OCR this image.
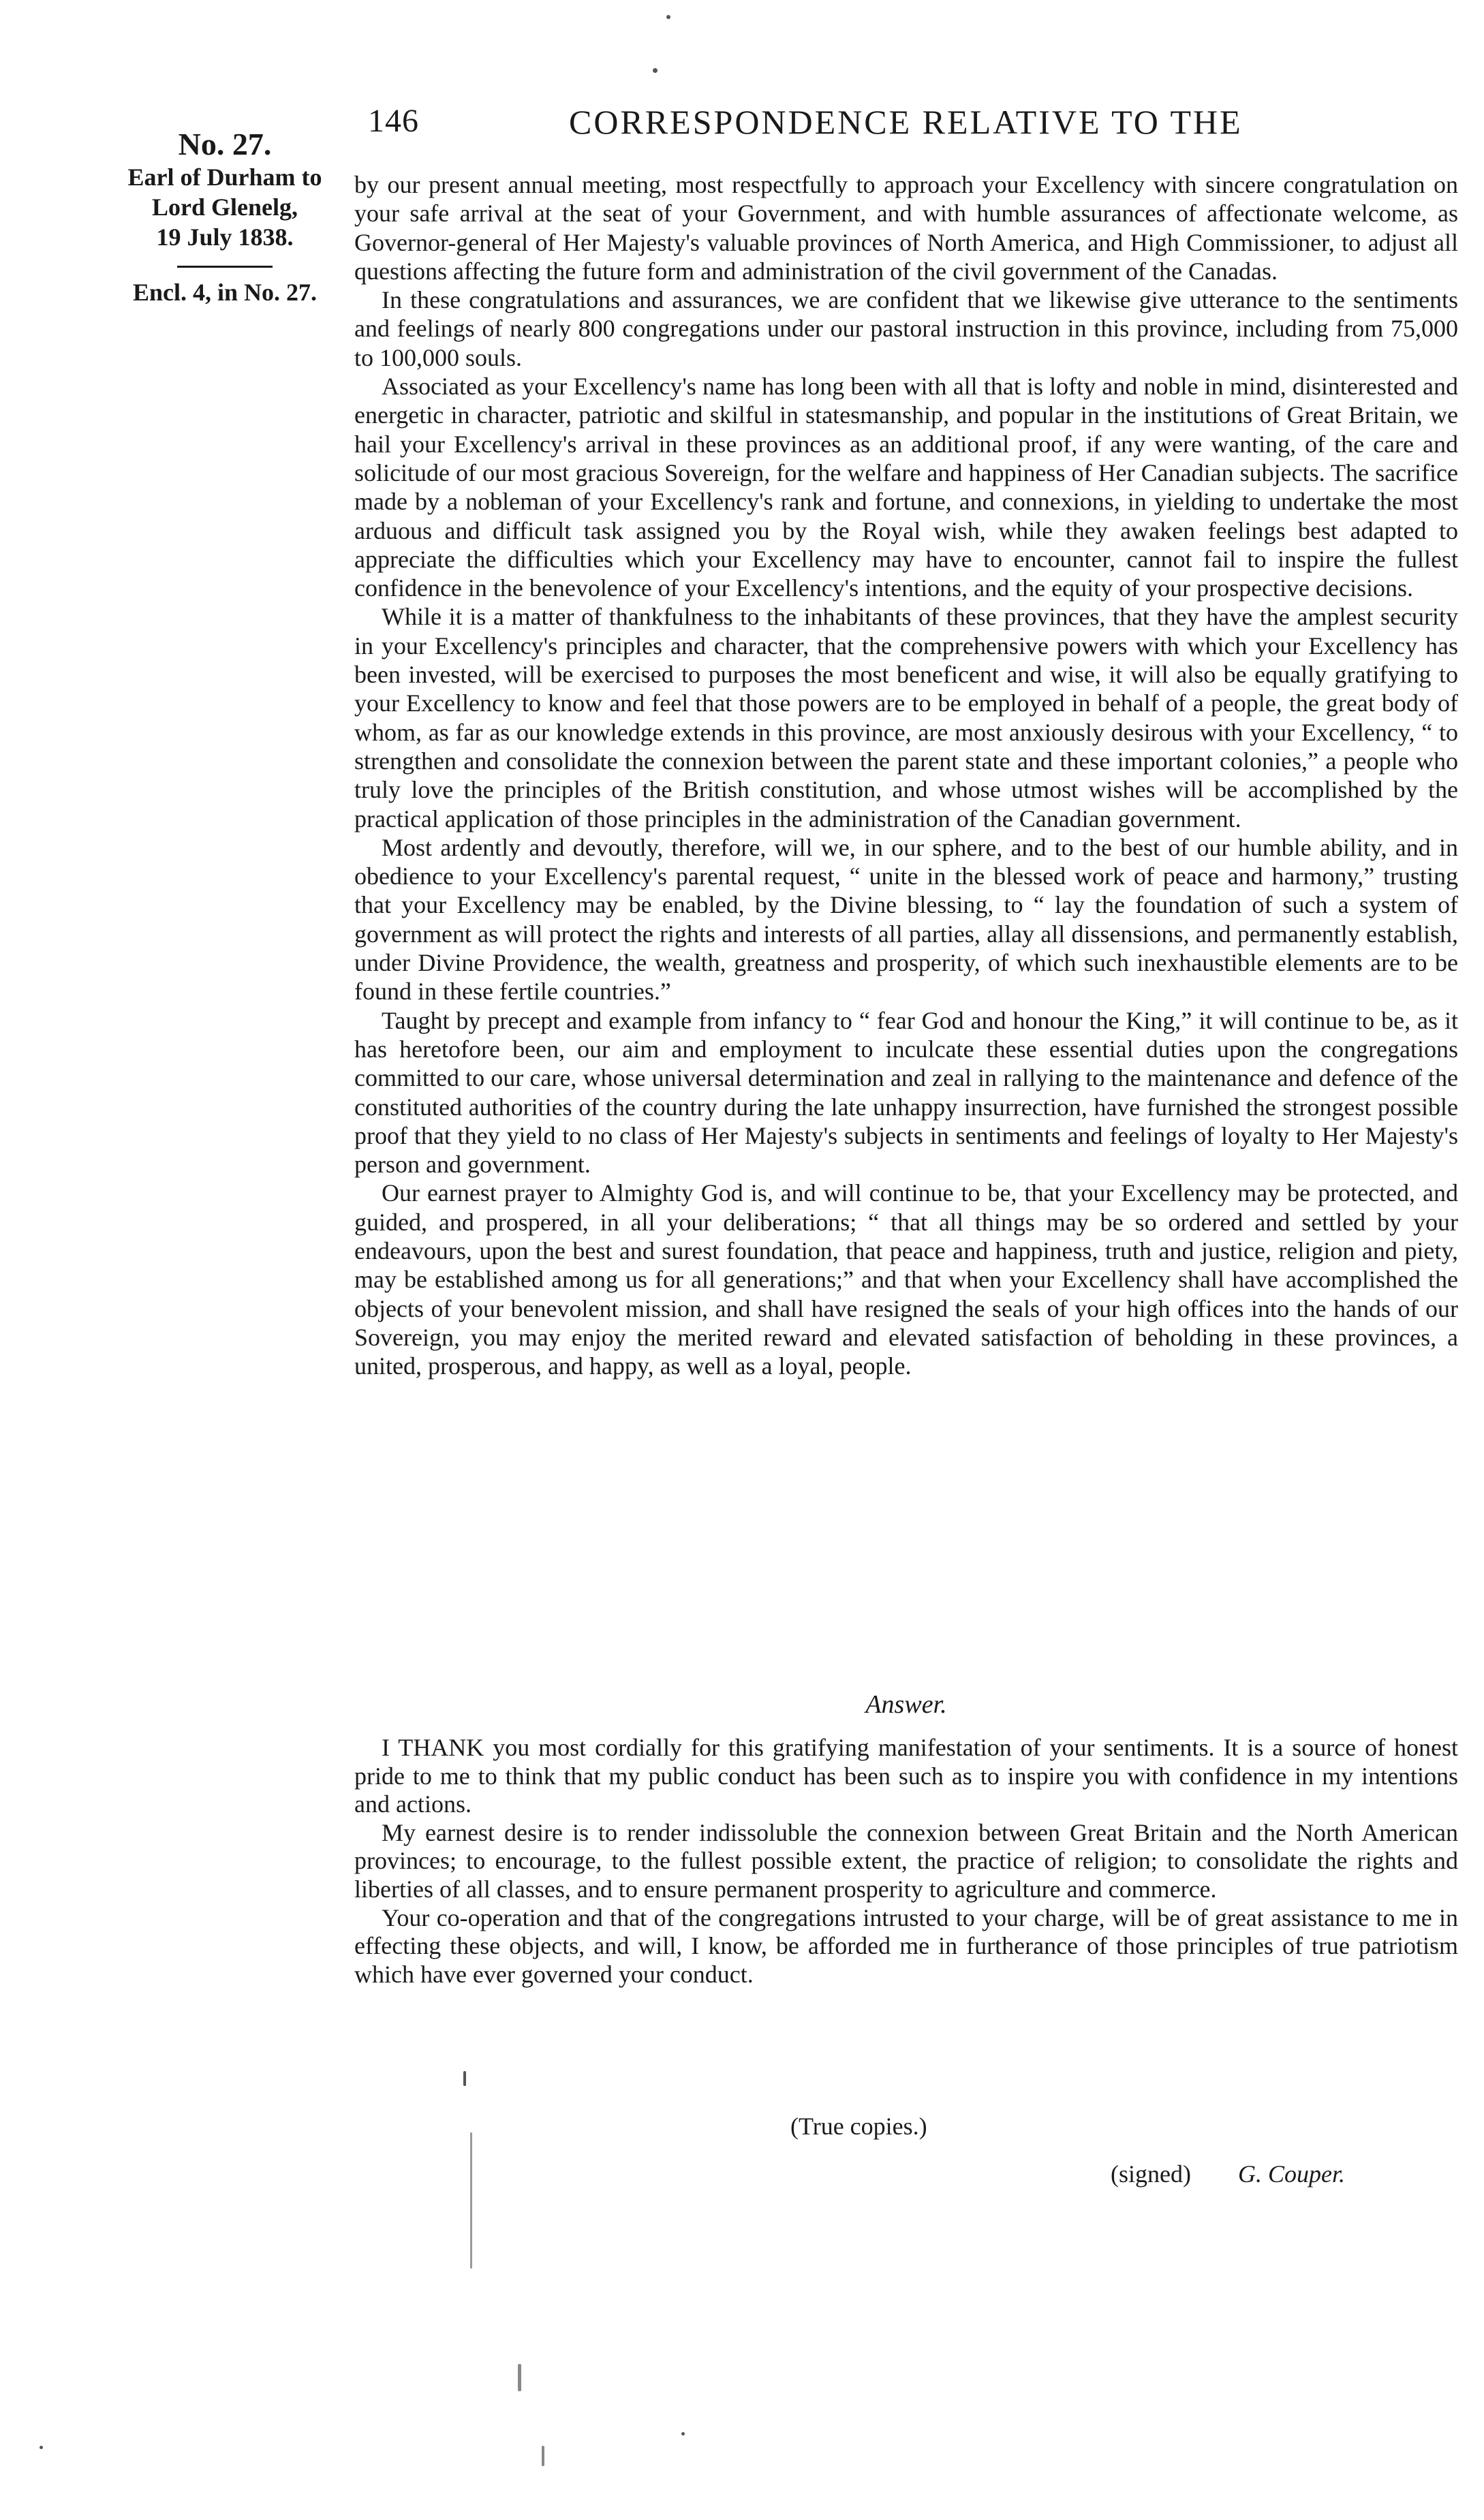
146	CORRESPONDENCE RELATIVE TO THE
No. 27.
Earl of Durham to Lord Glenelg,
19 July 1838.
Encl. 4, in No. 27.

by our present annual meeting, most respectfully to approach your Excellency with sincere congratulation on your safe arrival at the seat of your Government, and with humble assurances of affectionate welcome, as Governor-general of Her Majesty's valuable provinces of North America, and High Commissioner, to adjust all questions affecting the future form and administration of the civil government of the Canadas.

In these congratulations and assurances, we are confident that we likewise give utterance to the sentiments and feelings of nearly 800 congregations under our pastoral instruction in this province, including from 75,000 to 100,000 souls.

Associated as your Excellency's name has long been with all that is lofty and noble in mind, disinterested and energetic in character, patriotic and skilful in statesmanship, and popular in the institutions of Great Britain, we hail your Excellency's arrival in these provinces as an additional proof, if any were wanting, of the care and solicitude of our most gracious Sovereign, for the welfare and happiness of Her Canadian subjects. The sacrifice made by a nobleman of your Excellency's rank and fortune, and connexions, in yielding to undertake the most arduous and difficult task assigned you by the Royal wish, while they awaken feelings best adapted to appreciate the difficulties which your Excellency may have to encounter, cannot fail to inspire the fullest confidence in the benevolence of your Excellency's intentions, and the equity of your prospective decisions.

While it is a matter of thankfulness to the inhabitants of these provinces, that they have the amplest security in your Excellency's principles and character, that the comprehensive powers with which your Excellency has been invested, will be exercised to purposes the most beneficent and wise, it will also be equally gratifying to your Excellency to know and feel that those powers are to be employed in behalf of a people, the great body of whom, as far as our knowledge extends in this province, are most anxiously desirous with your Excellency, “ to strengthen and consolidate the connexion between the parent state and these important colonies,” a people who truly love the principles of the British constitution, and whose utmost wishes will be accomplished by the practical application of those principles in the administration of the Canadian government.

Most ardently and devoutly, therefore, will we, in our sphere, and to the best of our humble ability, and in obedience to your Excellency's parental request, “ unite in the blessed work of peace and harmony,” trusting that your Excellency may be enabled, by the Divine blessing, to “ lay the foundation of such a system of government as will protect the rights and interests of all parties, allay all dissensions, and permanently establish, under Divine Providence, the wealth, greatness and prosperity, of which such inexhaustible elements are to be found in these fertile countries.”

Taught by precept and example from infancy to “ fear God and honour the King,” it will continue to be, as it has heretofore been, our aim and employment to inculcate these essential duties upon the congregations committed to our care, whose universal determination and zeal in rallying to the maintenance and defence of the constituted authorities of the country during the late unhappy insurrection, have furnished the strongest possible proof that they yield to no class of Her Majesty's subjects in sentiments and feelings of loyalty to Her Majesty's person and government.

Our earnest prayer to Almighty God is, and will continue to be, that your Excellency may be protected, and guided, and prospered, in all your deliberations; “ that all things may be so ordered and settled by your endeavours, upon the best and surest foundation, that peace and happiness, truth and justice, religion and piety, may be established among us for all generations;” and that when your Excellency shall have accomplished the objects of your benevolent mission, and shall have resigned the seals of your high offices into the hands of our Sovereign, you may enjoy the merited reward and elevated satisfaction of beholding in these provinces, a united, prosperous, and happy, as well as a loyal, people.

Answer.

I THANK you most cordially for this gratifying manifestation of your sentiments. It is a source of honest pride to me to think that my public conduct has been such as to inspire you with confidence in my intentions and actions.

My earnest desire is to render indissoluble the connexion between Great Britain and the North American provinces; to encourage, to the fullest possible extent, the practice of religion; to consolidate the rights and liberties of all classes, and to ensure permanent prosperity to agriculture and commerce.

Your co-operation and that of the congregations intrusted to your charge, will be of great assistance to me in effecting these objects, and will, I know, be afforded me in furtherance of those principles of true patriotism which have ever governed your conduct.

(True copies.)
(signed) G. Couper.
